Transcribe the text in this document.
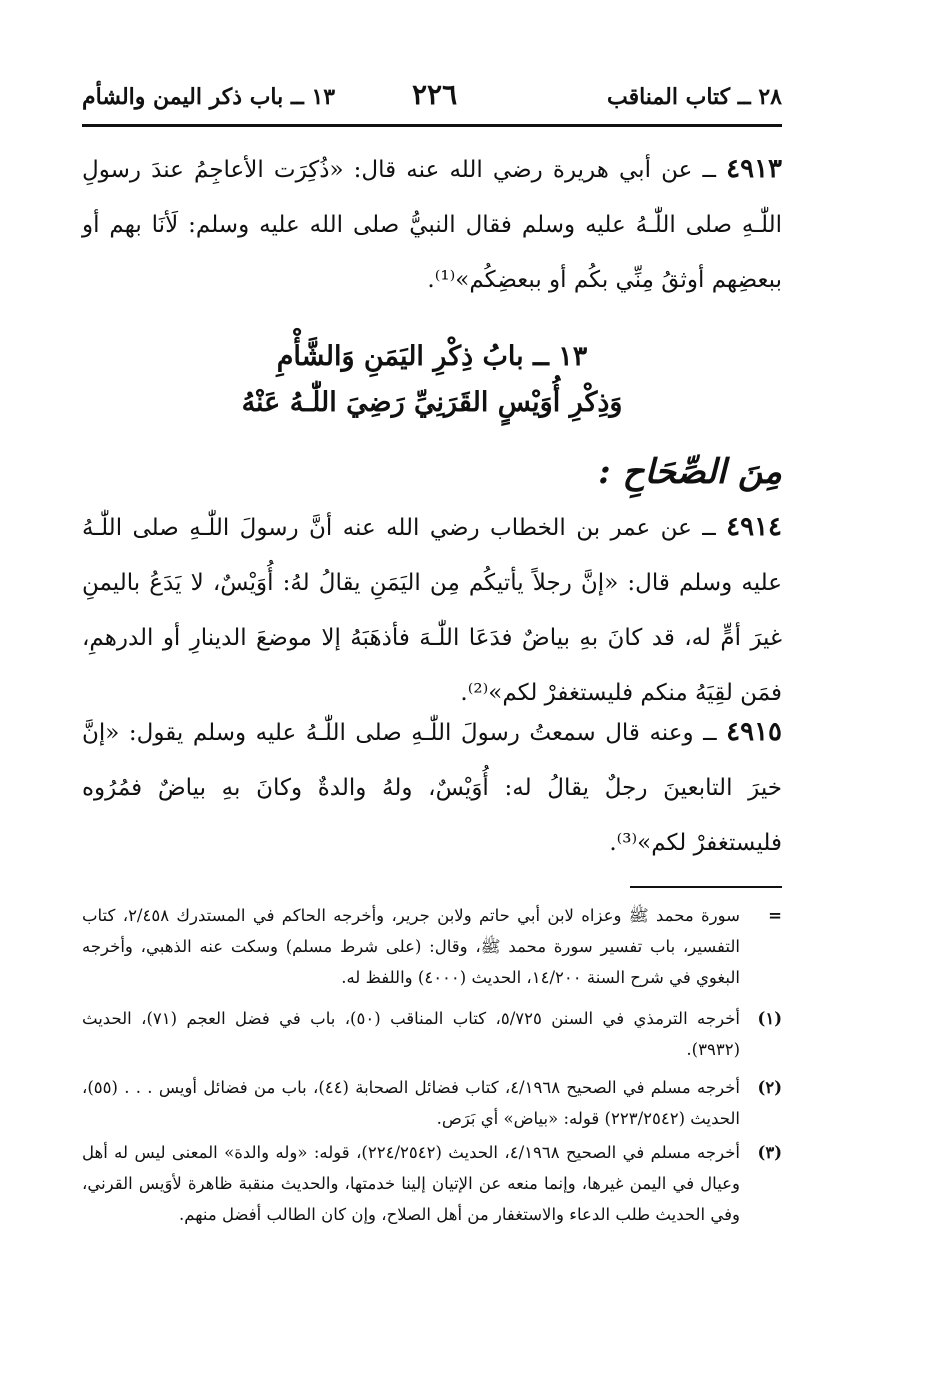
٢٨ ــ كتاب المناقب
٢٢٦
١٣ ــ باب ذكر اليمن والشأم
٤٩١٣ ــ عن أبي هريرة رضي الله عنه قال: «ذُكِرَت الأعاجِمُ عندَ رسولِ اللّٰـهِ صلى اللّٰـهُ عليه وسلم فقال النبيُّ صلى الله عليه وسلم: لَأنَا بهم أو ببعضِهم أوثقُ مِنِّي بكُم أو ببعضِكُم»⁽¹⁾.
١٣ ــ بابُ ذِكْرِ اليَمَنِ وَالشَّأْمِ
وَذِكْرِ أُوَيْسٍ القَرَنِيِّ رَضِيَ اللّٰـهُ عَنْهُ
مِنَ الصِّحَاحِ :
٤٩١٤ ــ عن عمر بن الخطاب رضي الله عنه أنَّ رسولَ اللّٰـهِ صلى اللّٰـهُ عليه وسلم قال: «إنَّ رجلاً يأتيكُم مِن اليَمَنِ يقالُ لهُ: أُوَيْسٌ، لا يَدَعُ باليمنِ غيرَ أمٍّ له، قد كانَ بهِ بياضٌ فدَعَا اللّٰـهَ فأذهَبَهُ إلا موضعَ الدينارِ أو الدرهمِ، فمَن لقِيَهُ منكم فليستغفرْ لكم»⁽²⁾.
٤٩١٥ ــ وعنه قال سمعتُ رسولَ اللّٰـهِ صلى اللّٰـهُ عليه وسلم يقول: «إنَّ خيرَ التابعينَ رجلٌ يقالُ له: أُوَيْسٌ، ولهُ والدةٌ وكانَ بهِ بياضٌ فمُرُوه فليستغفرْ لكم»⁽³⁾.
=
سورة محمد ﷺ وعزاه لابن أبي حاتم ولابن جرير، وأخرجه الحاكم في المستدرك ٢/٤٥٨، كتاب التفسير، باب تفسير سورة محمد ﷺ، وقال: (على شرط مسلم) وسكت عنه الذهبي، وأخرجه البغوي في شرح السنة ١٤/٢٠٠، الحديث (٤٠٠٠) واللفظ له.
(١)
أخرجه الترمذي في السنن ٥/٧٢٥، كتاب المناقب (٥٠)، باب في فضل العجم (٧١)، الحديث (٣٩٣٢).
(٢)
أخرجه مسلم في الصحيح ٤/١٩٦٨، كتاب فضائل الصحابة (٤٤)، باب من فضائل أويس . . . (٥٥)، الحديث (٢٢٣/٢٥٤٢) قوله: «بياض» أي بَرَص.
(٣)
أخرجه مسلم في الصحيح ٤/١٩٦٨، الحديث (٢٢٤/٢٥٤٢)، قوله: «وله والدة» المعنى ليس له أهل وعيال في اليمن غيرها، وإنما منعه عن الإتيان إلينا خدمتها، والحديث منقبة ظاهرة لأوَيس القرني، وفي الحديث طلب الدعاء والاستغفار من أهل الصلاح، وإن كان الطالب أفضل منهم.
